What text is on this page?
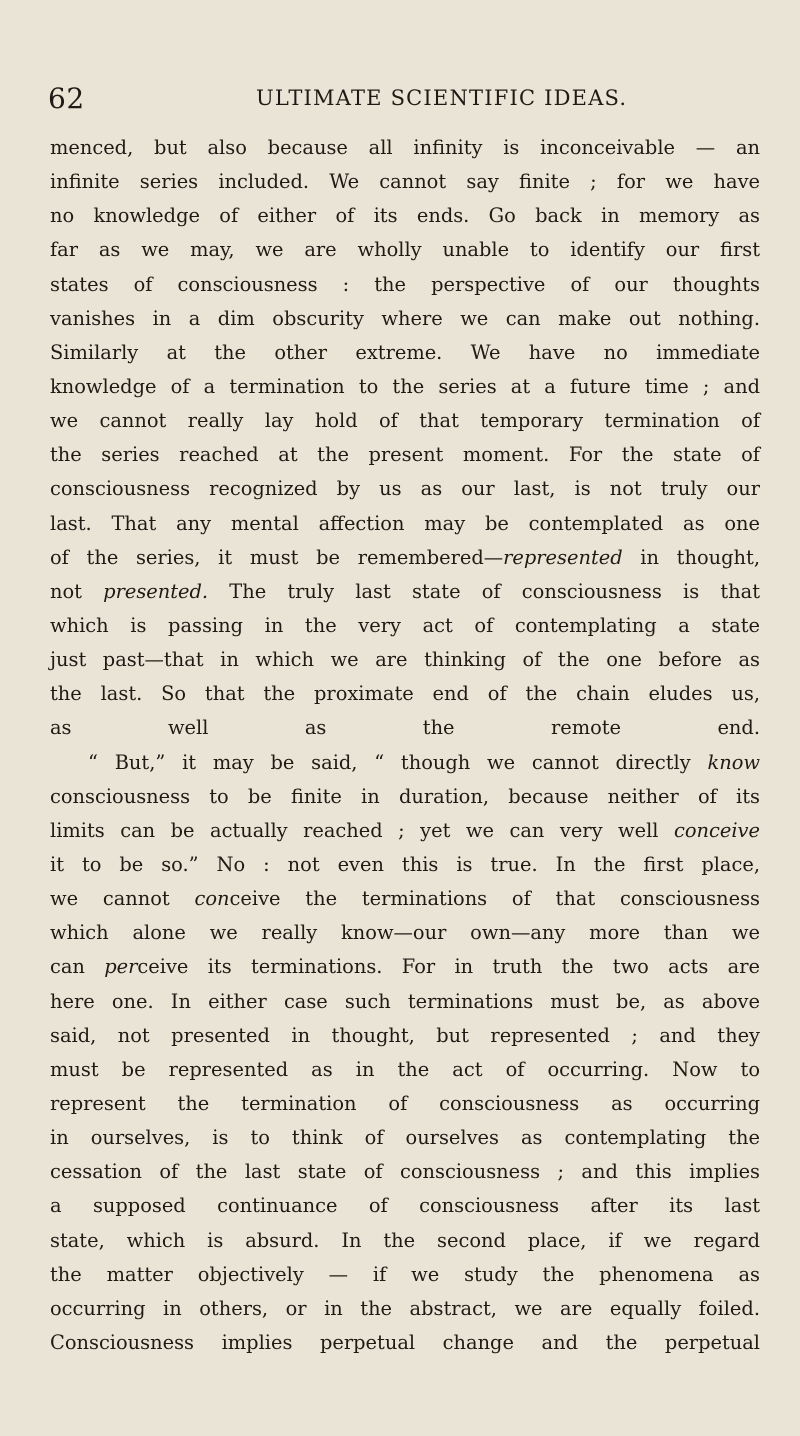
62	ULTIMATE SCIENTIFIC IDEAS.
menced, but also because all infinity is inconceivable — an
infinite series included. We cannot say finite ; for we have
no knowledge of either of its ends. Go back in memory as
far as we may, we are wholly unable to identify our first
states of consciousness : the perspective of our thoughts
vanishes in a dim obscurity where we can make out nothing.
Similarly at the other extreme. We have no immediate
knowledge of a termination to the series at a future time ; and
we cannot really lay hold of that temporary termination of
the series reached at the present moment. For the state of
consciousness recognized by us as our last, is not truly our
last. That any mental affection may be contemplated as one
of the series, it must be remembered—represented in thought,
not presented. The truly last state of consciousness is that
which is passing in the very act of contemplating a state
just past—that in which we are thinking of the one before as
the last. So that the proximate end of the chain eludes us,
as well as the remote end.
“ But,” it may be said, “ though we cannot directly know
consciousness to be finite in duration, because neither of its
limits can be actually reached ; yet we can very well conceive
it to be so.” No : not even this is true. In the first place,
we cannot conceive the terminations of that consciousness
which alone we really know—our own—any more than we
can perceive its terminations. For in truth the two acts are
here one. In either case such terminations must be, as above
said, not presented in thought, but represented ; and they
must be represented as in the act of occurring. Now to
represent the termination of consciousness as occurring
in ourselves, is to think of ourselves as contemplating the
cessation of the last state of consciousness ; and this implies
a supposed continuance of consciousness after its last
state, which is absurd. In the second place, if we regard
the matter objectively — if we study the phenomena as
occurring in others, or in the abstract, we are equally foiled.
Consciousness implies perpetual change and the perpetual
